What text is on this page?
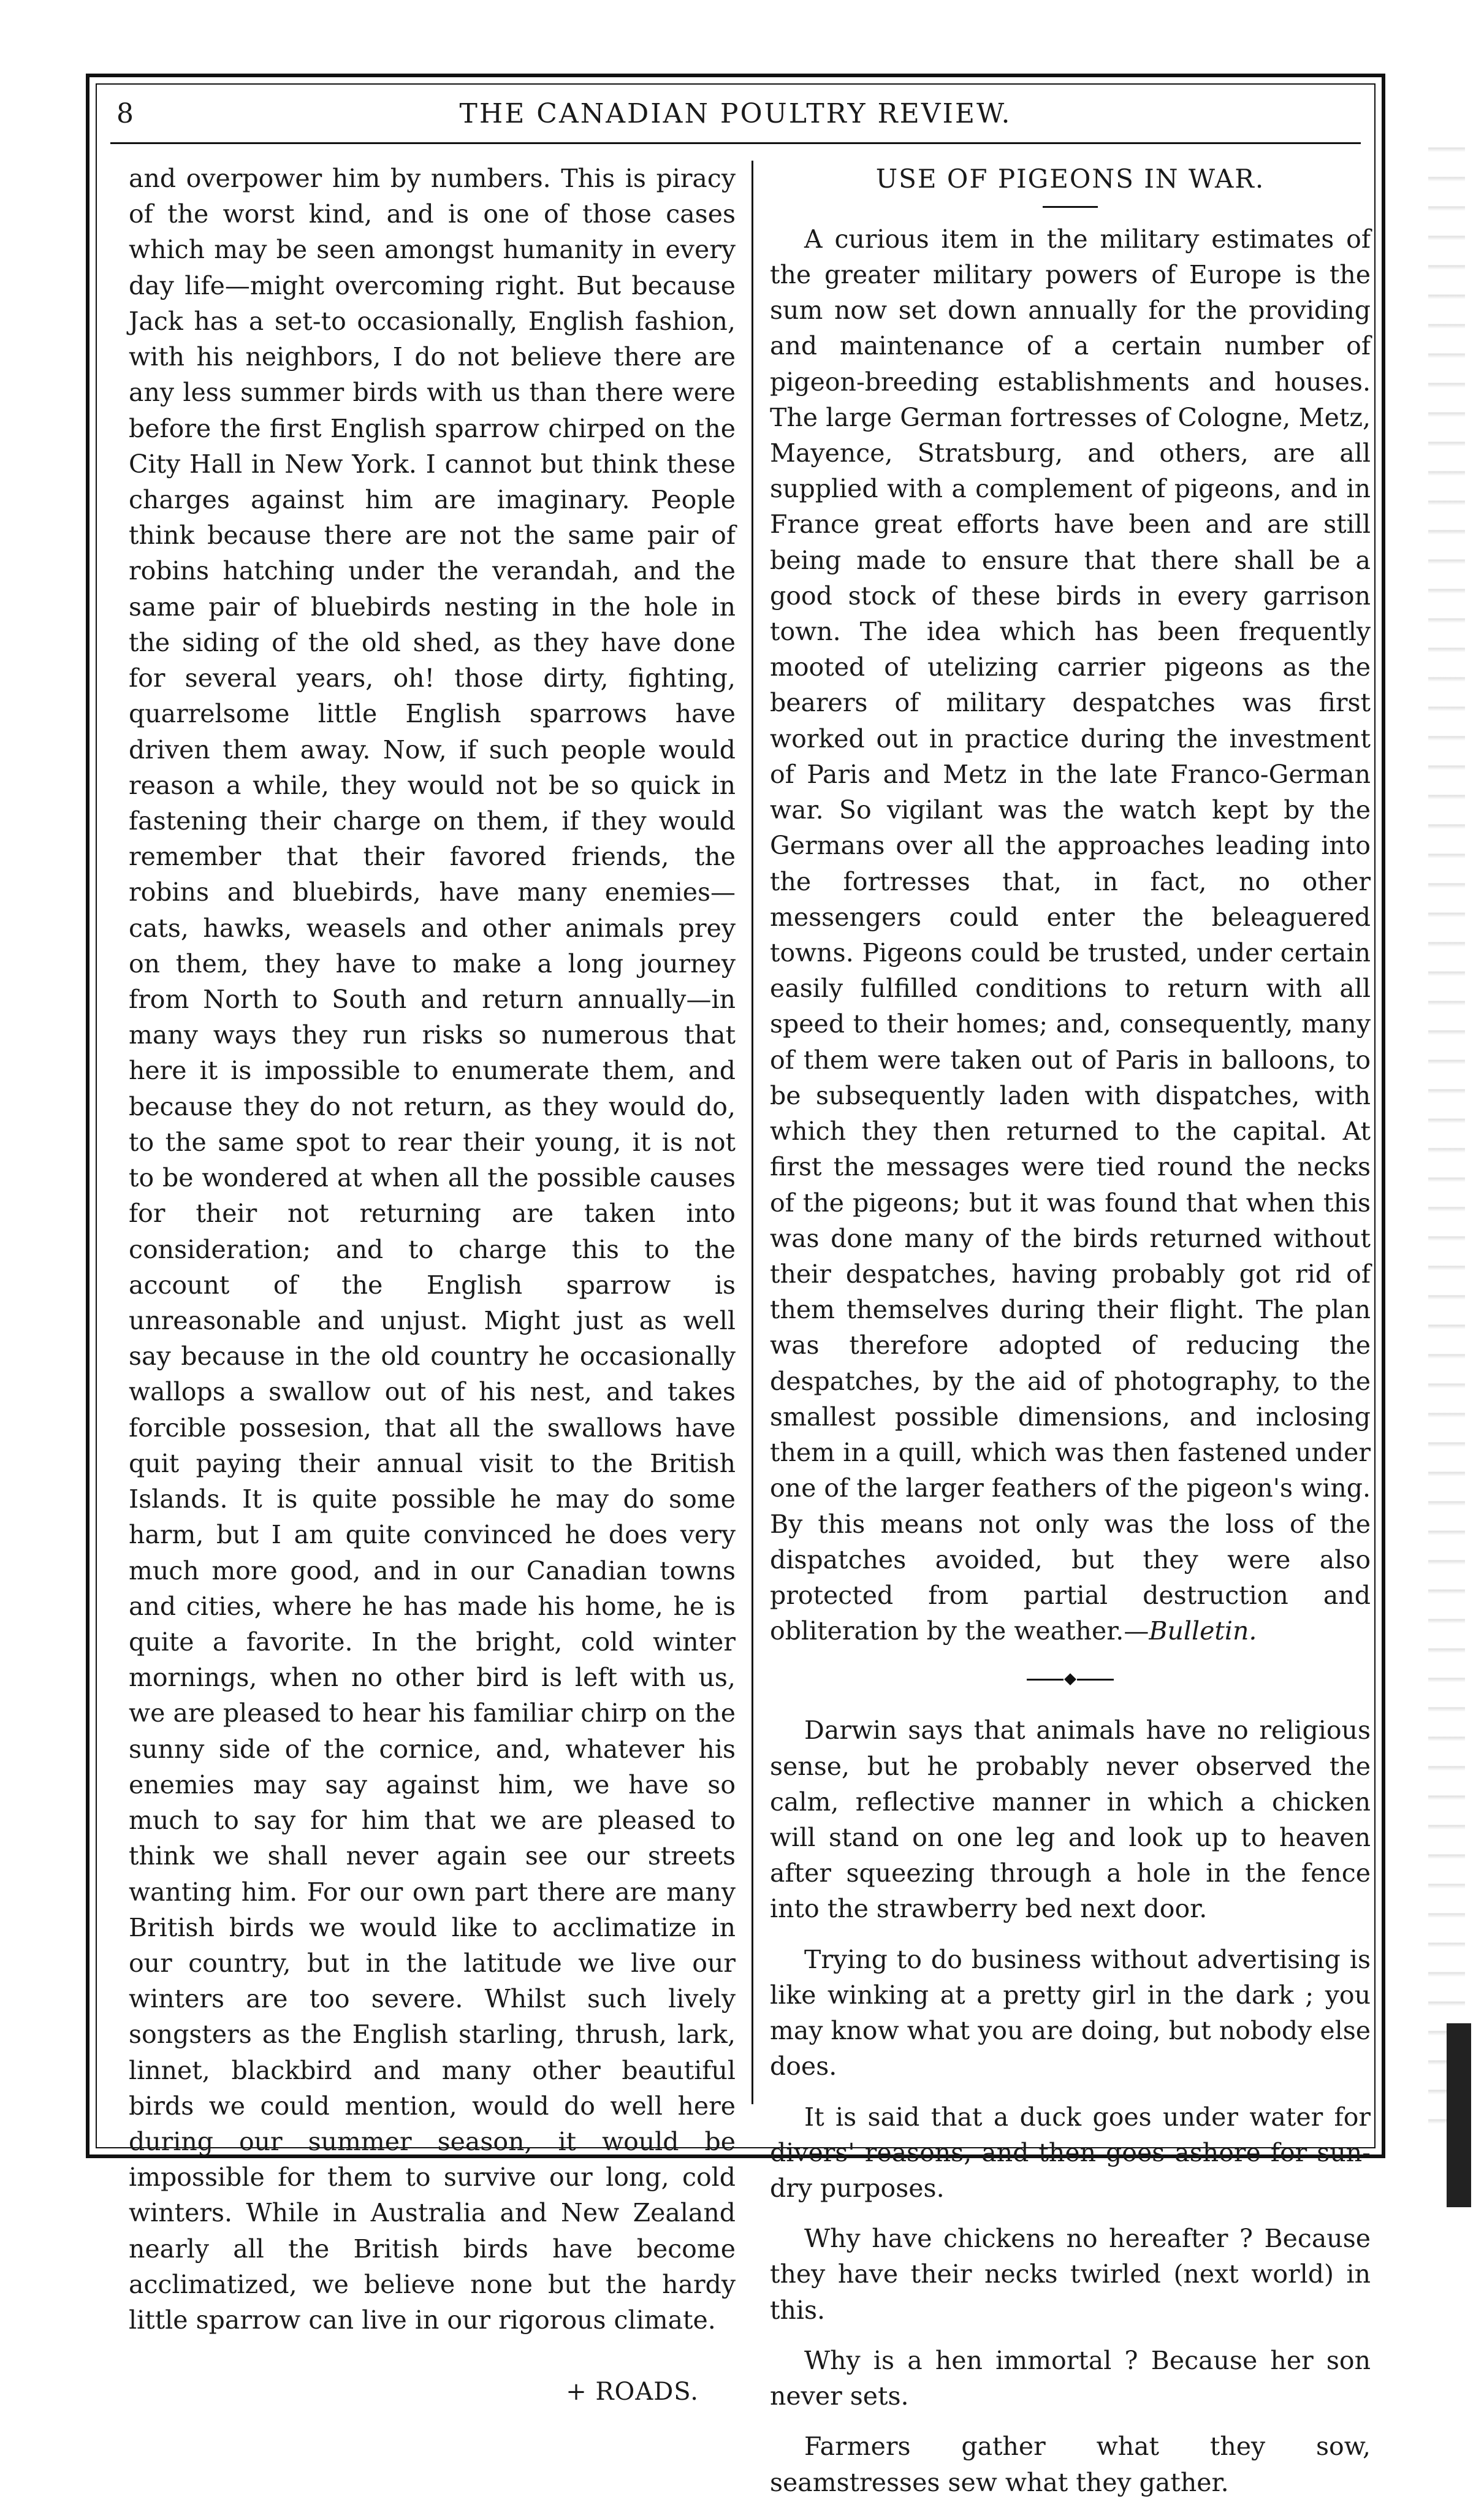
8	THE CANADIAN POULTRY REVIEW.

and overpower him by numbers. This is piracy of the worst kind, and is one of those cases which may be seen amongst humanity in every day life—might overcoming right. But because Jack has a set-to occasionally, English fashion, with his neighbors, I do not believe there are any less summer birds with us than there were before the first English sparrow chirped on the City Hall in New York. I cannot but think these charges against him are imaginary. People think because there are not the same pair of robins hatching under the verandah, and the same pair of bluebirds nesting in the hole in the siding of the old shed, as they have done for several years, oh! those dirty, fighting, quarrelsome little English sparrows have driven them away. Now, if such people would reason a while, they would not be so quick in fastening their charge on them, if they would remember that their favored friends, the robins and bluebirds, have many enemies—cats, hawks, weasels and other animals prey on them, they have to make a long journey from North to South and return annually—in many ways they run risks so numerous that here it is impossible to enumerate them, and because they do not return, as they would do, to the same spot to rear their young, it is not to be wondered at when all the possible causes for their not returning are taken into consideration; and to charge this to the account of the English sparrow is unreasonable and unjust. Might just as well say because in the old country he occasionally wallops a swallow out of his nest, and takes forcible possesion, that all the swallows have quit paying their annual visit to the British Islands. It is quite possible he may do some harm, but I am quite convinced he does very much more good, and in our Canadian towns and cities, where he has made his home, he is quite a favorite. In the bright, cold winter mornings, when no other bird is left with us, we are pleased to hear his familiar chirp on the sunny side of the cornice, and, whatever his enemies may say against him, we have so much to say for him that we are pleased to think we shall never again see our streets wanting him. For our own part there are many British birds we would like to acclimatize in our country, but in the latitude we live our winters are too severe. Whilst such lively songsters as the English starling, thrush, lark, linnet, blackbird and many other beautiful birds we could mention, would do well here during our summer season, it would be impossible for them to survive our long, cold winters. While in Australia and New Zealand nearly all the British birds have become acclimatized, we believe none but the hardy little sparrow can live in our rigorous climate.

+ ROADS.

USE OF PIGEONS IN WAR.

A curious item in the military estimates of the greater military powers of Europe is the sum now set down annually for the providing and maintenance of a certain number of pigeon-breeding establishments and houses. The large German fortresses of Cologne, Metz, Mayence, Stratsburg, and others, are all supplied with a complement of pigeons, and in France great efforts have been and are still being made to ensure that there shall be a good stock of these birds in every garrison town. The idea which has been frequently mooted of utelizing carrier pigeons as the bearers of military despatches was first worked out in practice during the investment of Paris and Metz in the late Franco-German war. So vigilant was the watch kept by the Germans over all the approaches leading into the fortresses that, in fact, no other messengers could enter the beleaguered towns. Pigeons could be trusted, under certain easily fulfilled conditions to return with all speed to their homes; and, consequently, many of them were taken out of Paris in balloons, to be subsequently laden with dispatches, with which they then returned to the capital. At first the messages were tied round the necks of the pigeons; but it was found that when this was done many of the birds returned without their despatches, having probably got rid of them themselves during their flight. The plan was therefore adopted of reducing the despatches, by the aid of photography, to the smallest possible dimensions, and inclosing them in a quill, which was then fastened under one of the larger feathers of the pigeon's wing. By this means not only was the loss of the dispatches avoided, but they were also protected from partial destruction and obliteration by the weather.—Bulletin.

Darwin says that animals have no religious sense, but he probably never observed the calm, reflective manner in which a chicken will stand on one leg and look up to heaven after squeezing through a hole in the fence into the strawberry bed next door.

Trying to do business without advertising is like winking at a pretty girl in the dark ; you may know what you are doing, but nobody else does.

It is said that a duck goes under water for divers' reasons, and then goes ashore for sun-dry purposes.

Why have chickens no hereafter ? Because they have their necks twirled (next world) in this.

Why is a hen immortal ? Because her son never sets.

Farmers gather what they sow, seamstresses sew what they gather.
